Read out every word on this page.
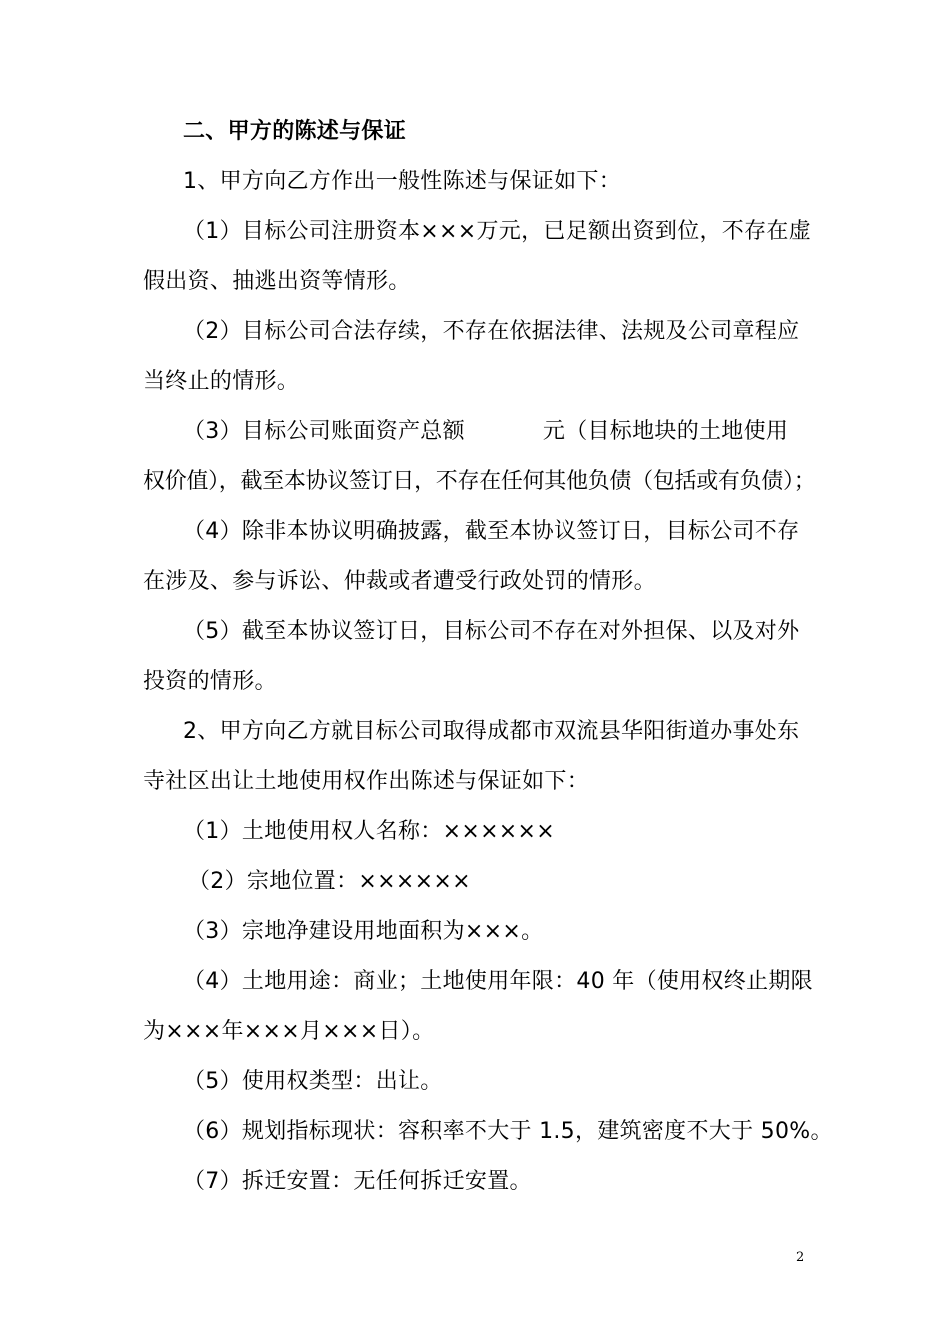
二、甲方的陈述与保证
1、甲方向乙方作出一般性陈述与保证如下：
（1）目标公司注册资本×××万元，已足额出资到位，不存在虚
假出资、抽逃出资等情形。
（2）目标公司合法存续，不存在依据法律、法规及公司章程应
当终止的情形。
（3）目标公司账面资产总额	元（目标地块的土地使用
权价值），截至本协议签订日，不存在任何其他负债（包括或有负债）；
（4）除非本协议明确披露，截至本协议签订日，目标公司不存
在涉及、参与诉讼、仲裁或者遭受行政处罚的情形。
（5）截至本协议签订日，目标公司不存在对外担保、以及对外
投资的情形。
2、甲方向乙方就目标公司取得成都市双流县华阳街道办事处东
寺社区出让土地使用权作出陈述与保证如下：
（1）土地使用权人名称：××××××
（2）宗地位置：××××××
（3）宗地净建设用地面积为×××。
（4）土地用途：商业；土地使用年限：40 年（使用权终止期限
为×××年×××月×××日）。
（5）使用权类型：出让。
（6）规划指标现状：容积率不大于 1.5，建筑密度不大于 50%。
（7）拆迁安置：无任何拆迁安置。
2
